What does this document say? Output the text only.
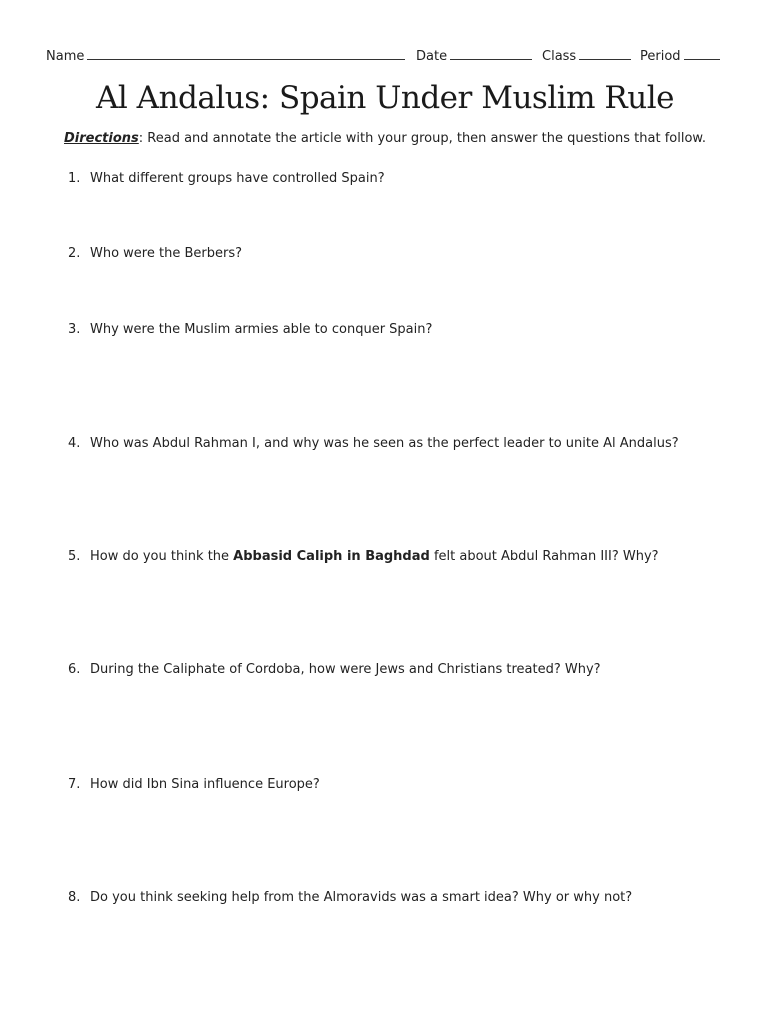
Name	Date	Class	Period
Al Andalus: Spain Under Muslim Rule
Directions: Read and annotate the article with your group, then answer the questions that follow.
1. What different groups have controlled Spain?
2. Who were the Berbers?
3. Why were the Muslim armies able to conquer Spain?
4. Who was Abdul Rahman I, and why was he seen as the perfect leader to unite Al Andalus?
5. How do you think the Abbasid Caliph in Baghdad felt about Abdul Rahman III? Why?
6. During the Caliphate of Cordoba, how were Jews and Christians treated? Why?
7. How did Ibn Sina influence Europe?
8. Do you think seeking help from the Almoravids was a smart idea? Why or why not?
